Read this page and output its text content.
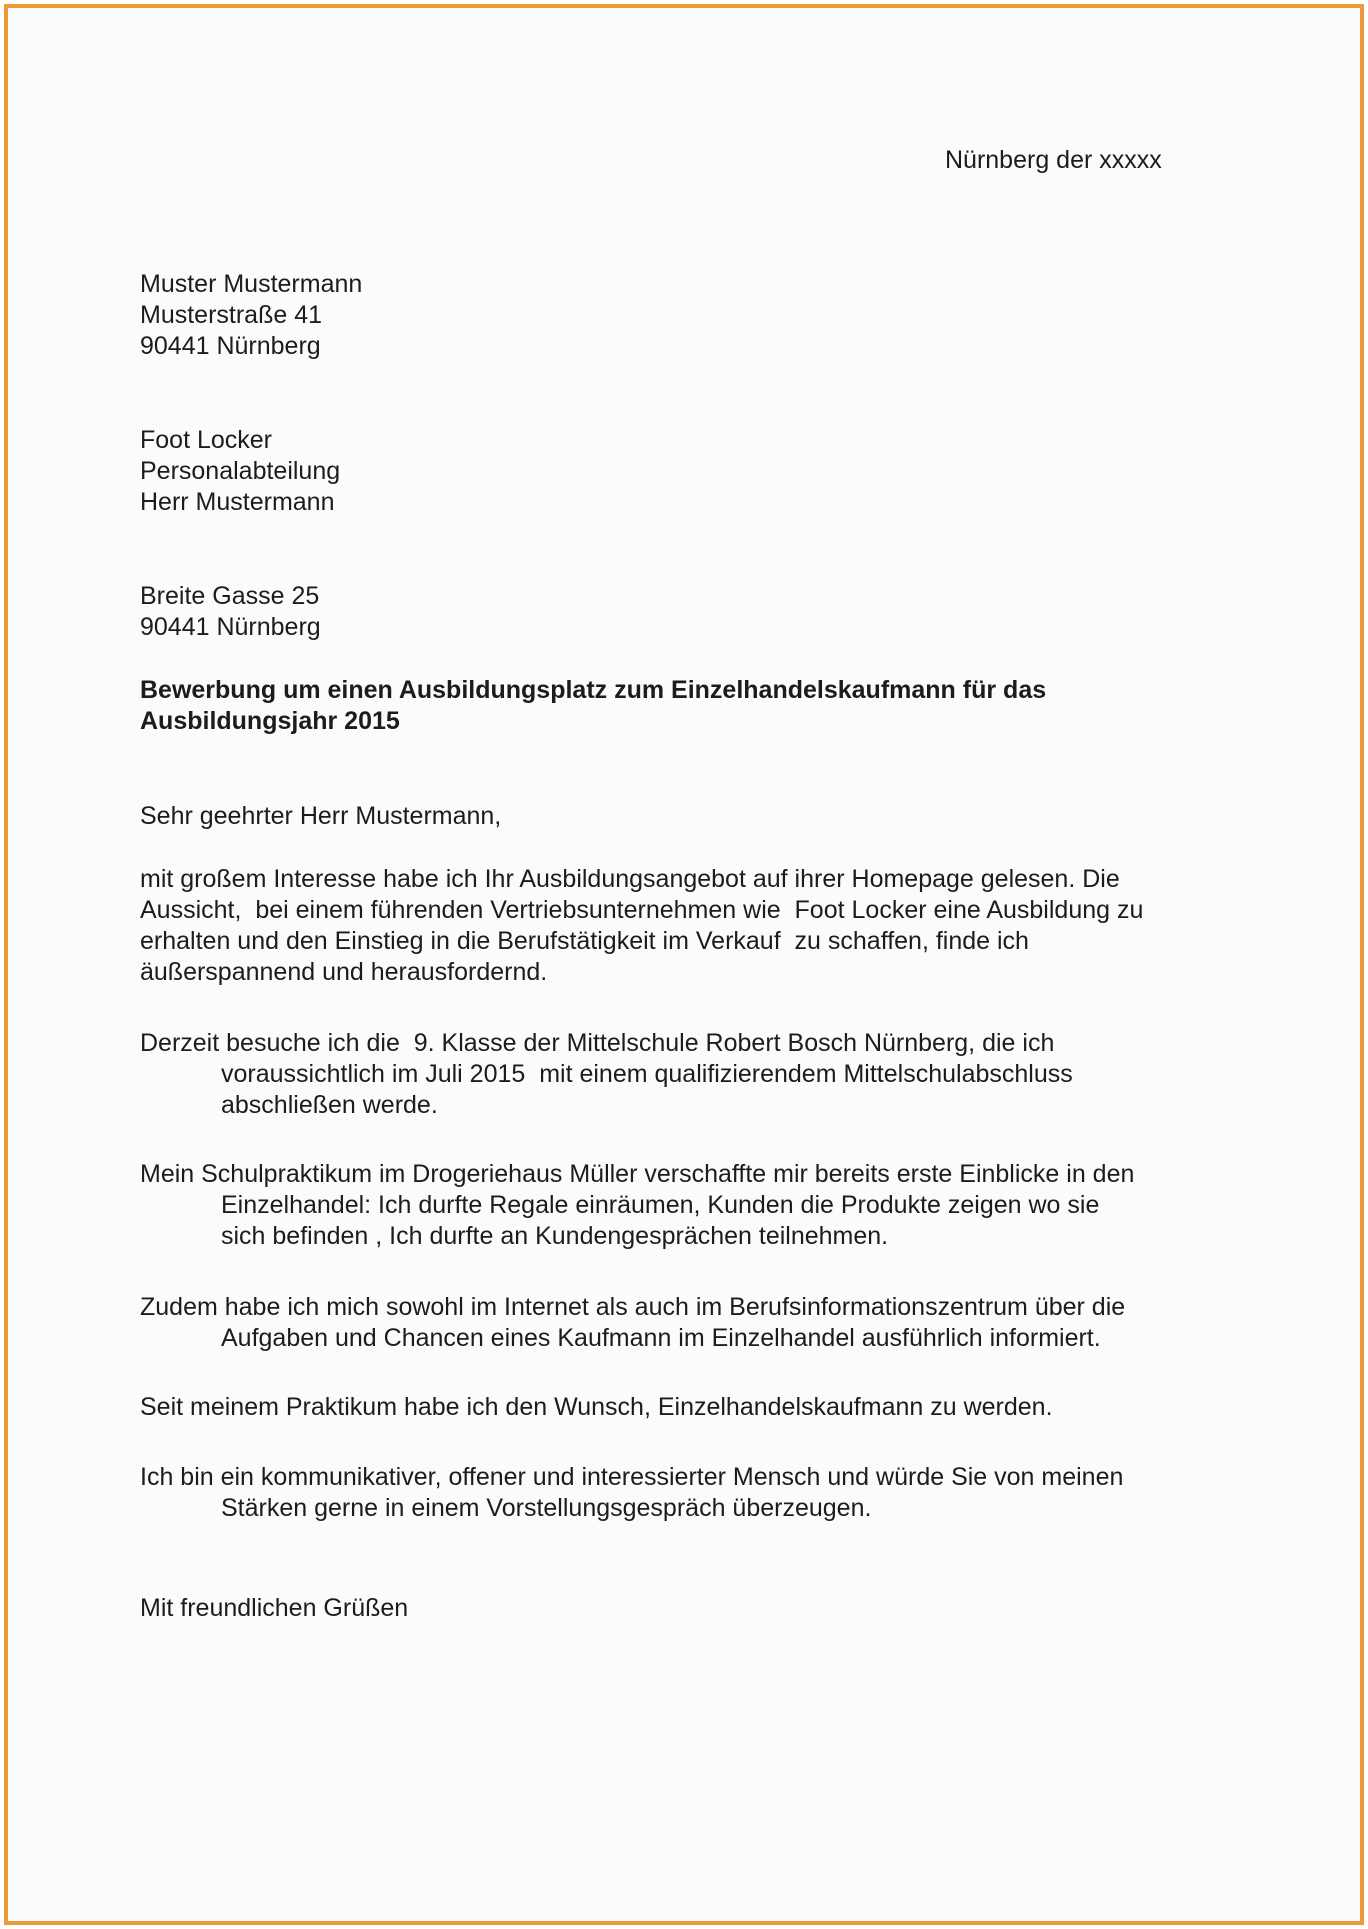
Nürnberg der xxxxx
Muster Mustermann
Musterstraße 41
90441 Nürnberg
Foot Locker
Personalabteilung
Herr Mustermann
Breite Gasse 25
90441 Nürnberg
Bewerbung um einen Ausbildungsplatz zum Einzelhandelskaufmann für das
Ausbildungsjahr 2015
Sehr geehrter Herr Mustermann,
mit großem Interesse habe ich Ihr Ausbildungsangebot auf ihrer Homepage gelesen. Die
Aussicht,  bei einem führenden Vertriebsunternehmen wie  Foot Locker eine Ausbildung zu
erhalten und den Einstieg in die Berufstätigkeit im Verkauf  zu schaffen, finde ich
äußerspannend und herausfordernd.
Derzeit besuche ich die  9. Klasse der Mittelschule Robert Bosch Nürnberg, die ich
voraussichtlich im Juli 2015  mit einem qualifizierendem Mittelschulabschluss
abschließen werde.
Mein Schulpraktikum im Drogeriehaus Müller verschaffte mir bereits erste Einblicke in den
Einzelhandel: Ich durfte Regale einräumen, Kunden die Produkte zeigen wo sie
sich befinden , Ich durfte an Kundengesprächen teilnehmen.
Zudem habe ich mich sowohl im Internet als auch im Berufsinformationszentrum über die
Aufgaben und Chancen eines Kaufmann im Einzelhandel ausführlich informiert.
Seit meinem Praktikum habe ich den Wunsch, Einzelhandelskaufmann zu werden.
Ich bin ein kommunikativer, offener und interessierter Mensch und würde Sie von meinen
Stärken gerne in einem Vorstellungsgespräch überzeugen.
Mit freundlichen Grüßen
